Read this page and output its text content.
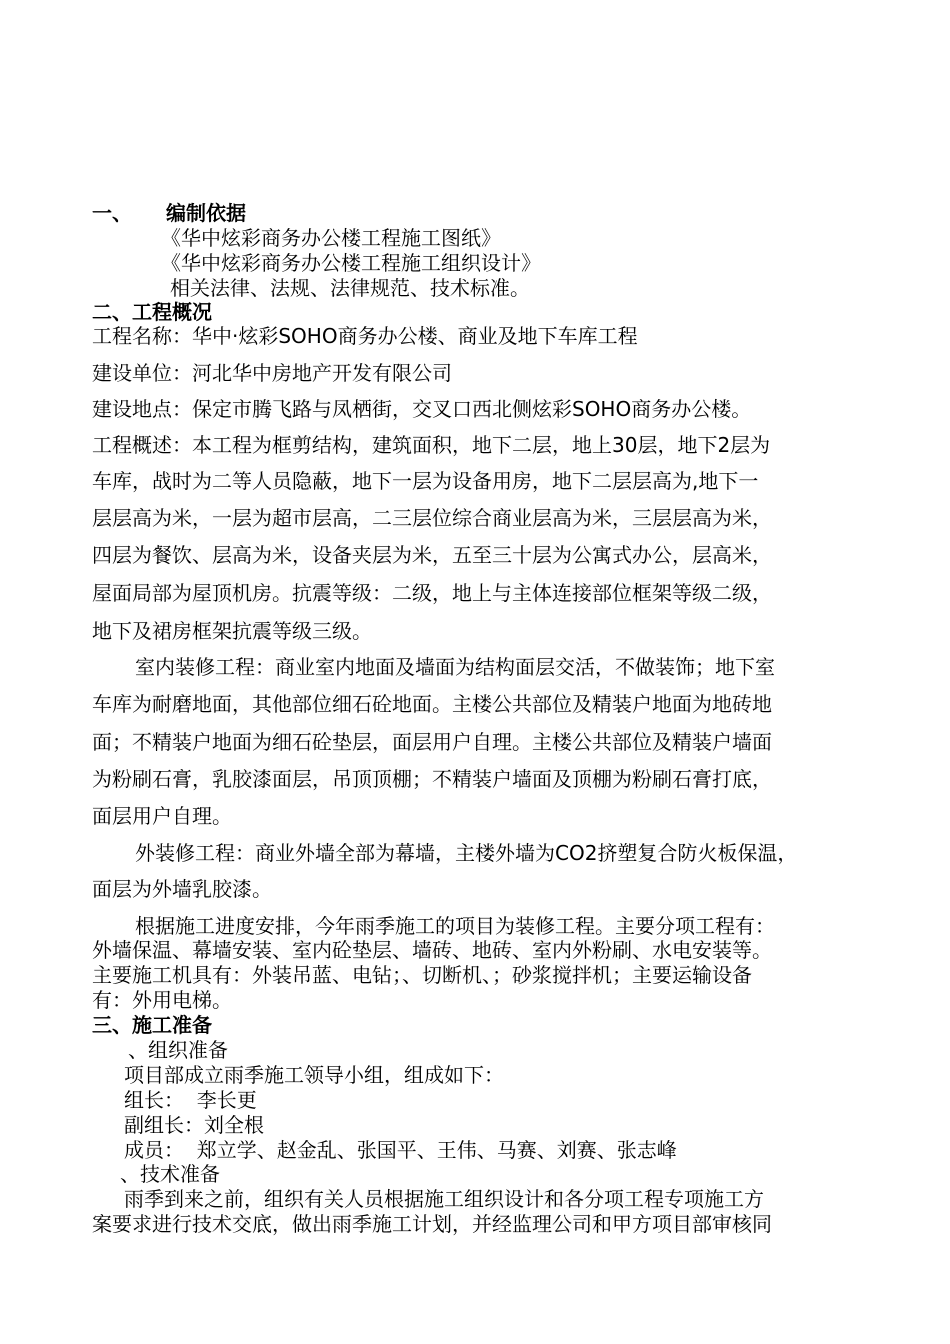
一、 编制依据
《华中炫彩商务办公楼工程施工图纸》
《华中炫彩商务办公楼工程施工组织设计》
相关法律、法规、法律规范、技术标准。
二、工程概况
工程名称：华中·炫彩SOHO商务办公楼、商业及地下车库工程
建设单位：河北华中房地产开发有限公司
建设地点：保定市腾飞路与凤栖街，交叉口西北侧炫彩SOHO商务办公楼。
工程概述：本工程为框剪结构，建筑面积，地下二层，地上30层，地下2层为
车库，战时为二等人员隐蔽，地下一层为设备用房，地下二层层高为,地下一
层层高为米，一层为超市层高，二三层位综合商业层高为米，三层层高为米，
四层为餐饮、层高为米，设备夹层为米，五至三十层为公寓式办公，层高米，
屋面局部为屋顶机房。抗震等级：二级，地上与主体连接部位框架等级二级，
地下及裙房框架抗震等级三级。
室内装修工程：商业室内地面及墙面为结构面层交活，不做装饰；地下室
车库为耐磨地面，其他部位细石砼地面。主楼公共部位及精装户地面为地砖地
面；不精装户地面为细石砼垫层，面层用户自理。主楼公共部位及精装户墙面
为粉刷石膏，乳胶漆面层，吊顶顶棚；不精装户墙面及顶棚为粉刷石膏打底，
面层用户自理。
外装修工程：商业外墙全部为幕墙，主楼外墙为CO2挤塑复合防火板保温，
面层为外墙乳胶漆。
根据施工进度安排，今年雨季施工的项目为装修工程。主要分项工程有：
外墙保温、幕墙安装、室内砼垫层、墙砖、地砖、室内外粉刷、水电安装等。
主要施工机具有：外装吊蓝、电钻；、切断机、；砂浆搅拌机；主要运输设备
有：外用电梯。
三、施工准备
、组织准备
项目部成立雨季施工领导小组，组成如下：
组长：  李长更
副组长：刘全根
成员：  郑立学、赵金乱、张国平、王伟、马赛、刘赛、张志峰
、技术准备
雨季到来之前，组织有关人员根据施工组织设计和各分项工程专项施工方
案要求进行技术交底，做出雨季施工计划，并经监理公司和甲方项目部审核同
